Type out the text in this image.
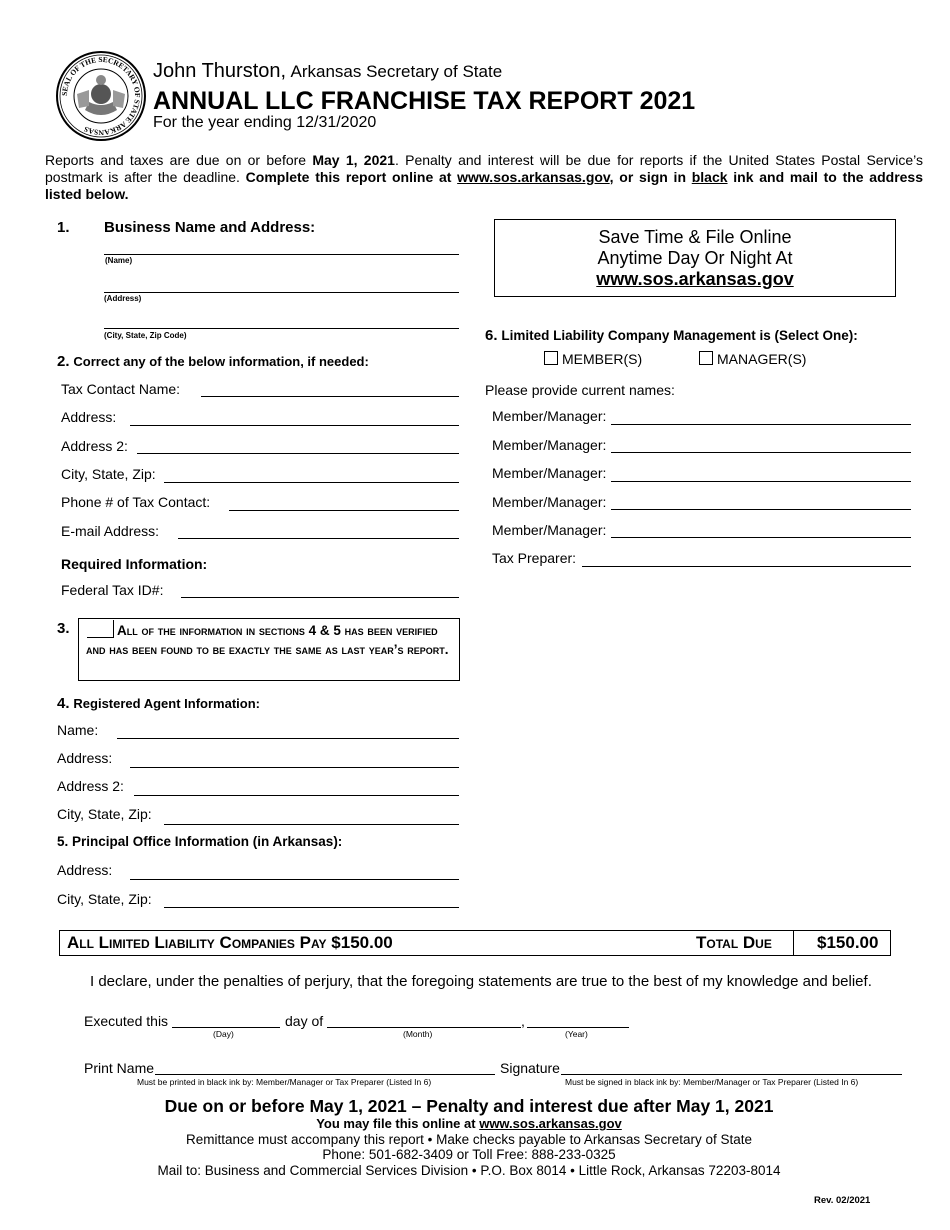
SEAL OF THE SECRETARY OF STATE ARKANSAS
John Thurston, Arkansas Secretary of State
ANNUAL LLC FRANCHISE TAX REPORT 2021
For the year ending 12/31/2020
Reports and taxes are due on or before May 1, 2021. Penalty and interest will be due for reports if the United States Postal Service’s postmark is after the deadline. Complete this report online at www.sos.arkansas.gov, or sign in black ink and mail to the address listed below.
Save Time & File Online
Anytime Day Or Night At
www.sos.arkansas.gov
1. Business Name and Address:
(Name)
(Address)
(City, State, Zip Code)
2. Correct any of the below information, if needed:
Tax Contact Name:
Address:
Address 2:
City, State, Zip:
Phone # of Tax Contact:
E-mail Address:
Required Information:
Federal Tax ID#:
3.	All of the information in sections 4 & 5 has been verified and has been found to be exactly the same as last year’s report.
4. Registered Agent Information:
Name:
Address:
Address 2:
City, State, Zip:
5. Principal Office Information (in Arkansas):
Address:
City, State, Zip:
6. Limited Liability Company Management is (Select One):
MEMBER(S)	MANAGER(S)
Please provide current names:
Member/Manager:
Member/Manager:
Member/Manager:
Member/Manager:
Member/Manager:
Tax Preparer:
All Limited Liability Companies Pay $150.00	Total Due	$150.00
I declare, under the penalties of perjury, that the foregoing statements are true to the best of my knowledge and belief.
Executed this
(Day)
day of
(Month)
,
(Year)
Print Name
Must be printed in black ink by: Member/Manager or Tax Preparer (Listed In 6)
Signature
Must be signed in black ink by: Member/Manager or Tax Preparer (Listed In 6)
Due on or before May 1, 2021 – Penalty and interest due after May 1, 2021
You may file this online at www.sos.arkansas.gov
Remittance must accompany this report • Make checks payable to Arkansas Secretary of State
Phone: 501-682-3409 or Toll Free: 888-233-0325
Mail to: Business and Commercial Services Division • P.O. Box 8014 • Little Rock, Arkansas 72203-8014
Rev. 02/2021
